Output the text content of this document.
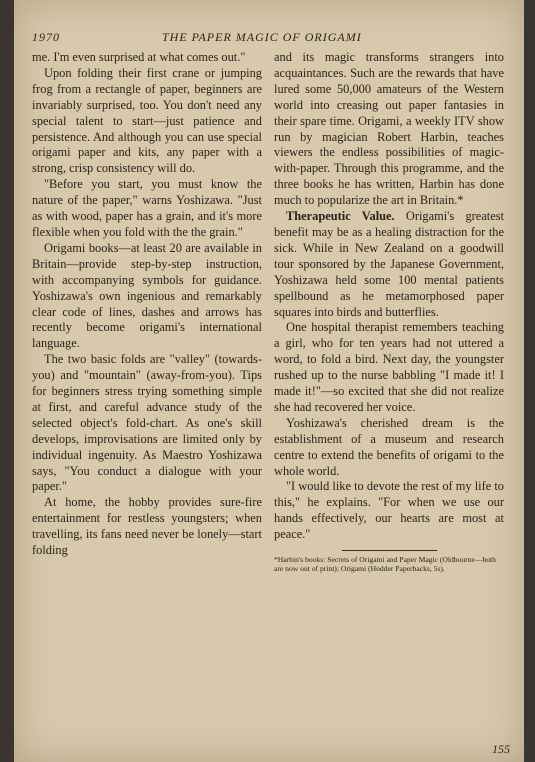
1970	THE PAPER MAGIC OF ORIGAMI

me. I'm even surprised at what comes out."

Upon folding their first crane or jumping frog from a rectangle of paper, beginners are invariably surprised, too. You don't need any special talent to start—just patience and persistence. And although you can use special origami paper and kits, any paper with a strong, crisp consistency will do.

"Before you start, you must know the nature of the paper," warns Yoshizawa. "Just as with wood, paper has a grain, and it's more flexible when you fold with the the grain."

Origami books—at least 20 are available in Britain—provide step-by-step instruction, with accompanying symbols for guidance. Yoshizawa's own ingenious and remarkably clear code of lines, dashes and arrows has recently become origami's international language.

The two basic folds are "valley" (towards-you) and "mountain" (away-from-you). Tips for beginners stress trying something simple at first, and careful advance study of the selected object's fold-chart. As one's skill develops, improvisations are limited only by individual ingenuity. As Maestro Yoshizawa says, "You conduct a dialogue with your paper."

At home, the hobby provides sure-fire entertainment for restless youngsters; when travelling, its fans need never be lonely—start folding

and its magic transforms strangers into acquaintances. Such are the rewards that have lured some 50,000 amateurs of the Western world into creasing out paper fantasies in their spare time. Origami, a weekly ITV show run by magician Robert Harbin, teaches viewers the endless possibilities of magic-with-paper. Through this programme, and the three books he has written, Harbin has done much to popularize the art in Britain.*

Therapeutic Value. Origami's greatest benefit may be as a healing distraction for the sick. While in New Zealand on a goodwill tour sponsored by the Japanese Government, Yoshizawa held some 100 mental patients spellbound as he metamorphosed paper squares into birds and butterflies.

One hospital therapist remembers teaching a girl, who for ten years had not uttered a word, to fold a bird. Next day, the youngster rushed up to the nurse babbling "I made it! I made it!"—so excited that she did not realize she had recovered her voice.

Yoshizawa's cherished dream is the establishment of a museum and research centre to extend the benefits of origami to the whole world.

"I would like to devote the rest of my life to this," he explains. "For when we use our hands effectively, our hearts are most at peace."

*Harbin's books: Secrets of Origami and Paper Magic (Oldbourne—both are now out of print); Origami (Hodder Paperbacks, 5s).

155
